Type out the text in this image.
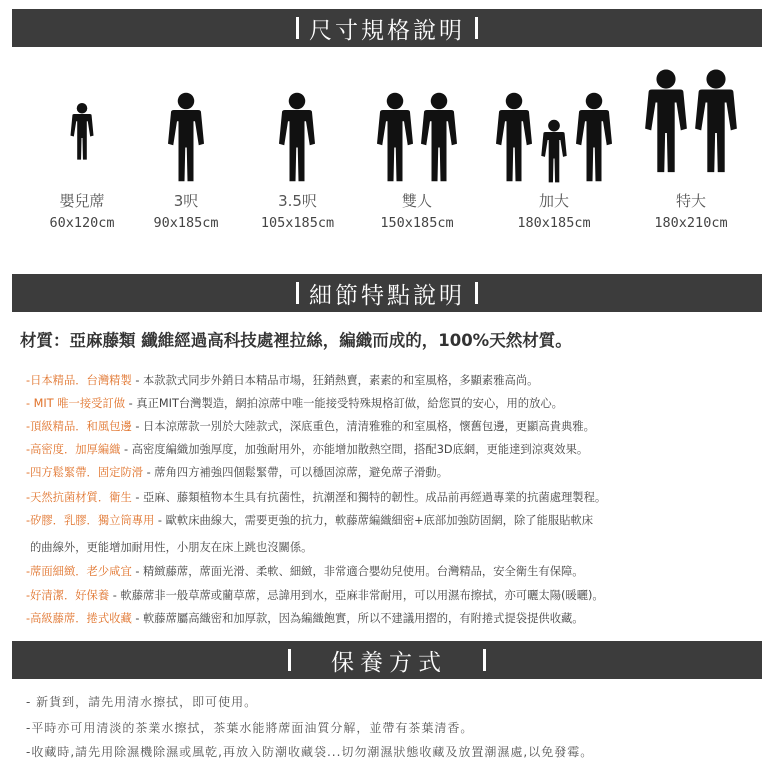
尺寸規格說明
嬰兒蓆
60x120cm
3呎
90x185cm
3.5呎
105x185cm
雙人
150x185cm
加大
180x185cm
特大
180x210cm
細節特點說明
材質：亞麻藤類 纖維經過高科技處裡拉絲，編織而成的，100%天然材質。
-日本精品．台灣精製 - 本款款式同步外銷日本精品市場，狂銷熱賣，素素的和室風格，多顯素雅高尚。
- MIT 唯一接受訂做 - 真正MIT台灣製造，網拍涼蓆中唯一能接受特殊規格訂做，給您買的安心，用的放心。
-頂級精品．和風包邊 - 日本涼蓆款一別於大陸款式，深底重色，清清雅雅的和室風格，懷舊包邊，更顯高貴典雅。
-高密度．加厚編織 - 高密度編織加強厚度，加強耐用外，亦能增加散熱空間，搭配3D底網，更能達到涼爽效果。
-四方鬆緊帶．固定防滑 - 蓆角四方補強四個鬆緊帶，可以穩固涼蓆，避免蓆子滑動。
-天然抗菌材質．衛生 - 亞麻、藤類植物本生具有抗菌性，抗潮溼和獨特的韌性。成品前再經過專業的抗菌處理製程。
-矽膠．乳膠．獨立筒專用 - 歐軟床曲線大，需要更強的抗力，軟藤蓆編織細密+底部加強防固網，除了能服貼軟床
的曲線外，更能增加耐用性，小朋友在床上跳也沒關係。
-蓆面細緻．老少咸宜 - 精緻藤蓆，蓆面光滑、柔軟、細緻，非常適合嬰幼兒使用。台灣精品，安全衛生有保障。
-好清潔．好保養 - 軟藤蓆非一般草蓆或藺草蓆，忌諱用到水，亞麻非常耐用，可以用濕布擦拭，亦可曬太陽(暖曬)。
-高級藤蓆．捲式收藏 - 軟藤蓆屬高織密和加厚款，因為編織飽實，所以不建議用摺的，有附捲式提袋提供收藏。
保養方式
- 新貨到，請先用清水擦拭，即可使用。
-平時亦可用清淡的茶業水擦拭，茶葉水能將蓆面油質分解，並帶有茶葉清香。
-收藏時,請先用除濕機除濕或風乾,再放入防潮收藏袋...切勿潮濕狀態收藏及放置潮濕處,以免發霉。
